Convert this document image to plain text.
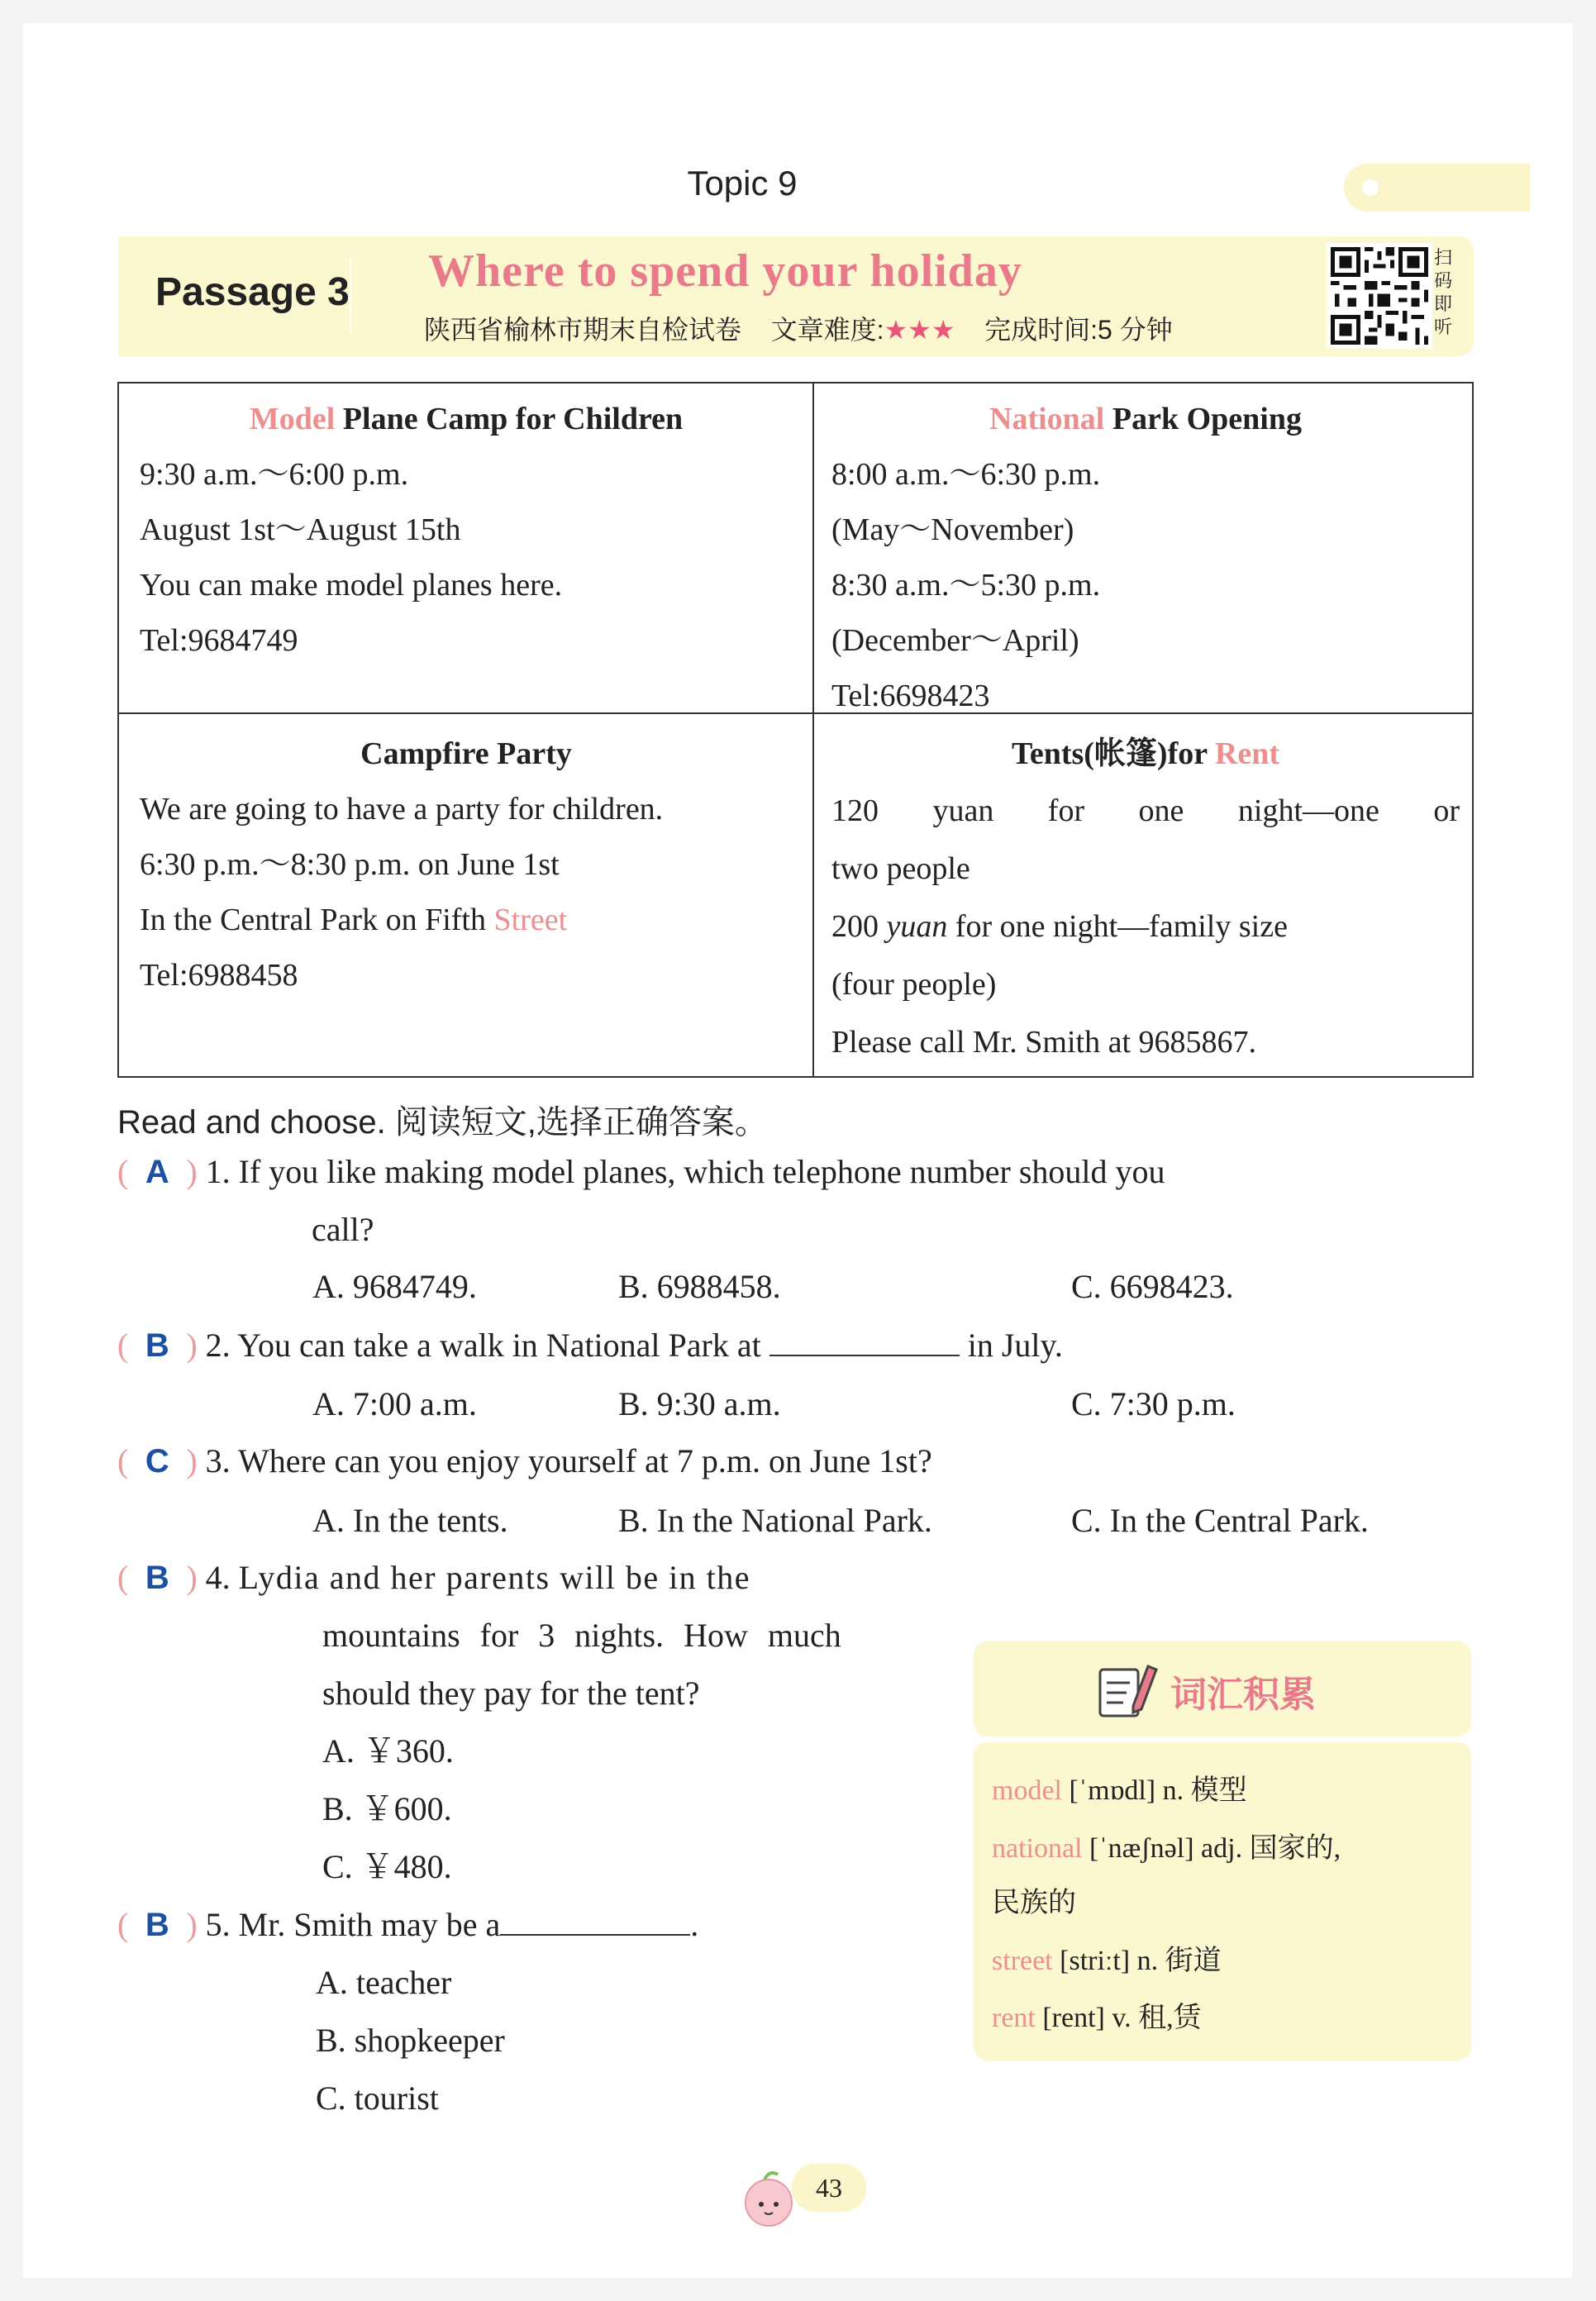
Topic 9
Passage 3 Where to spend your holiday
陕西省榆林市期末自检试卷 文章难度:★★★ 完成时间:5 分钟
扫
码
即
听
Model Plane Camp for Children
9:30 a.m.～6:00 p.m.
August 1st～August 15th
You can make model planes here.
Tel:9684749
National Park Opening
8:00 a.m.～6:30 p.m.
(May～November)
8:30 a.m.～5:30 p.m.
(December～April)
Tel:6698423
Campfire Party
We are going to have a party for children.
6:30 p.m.～8:30 p.m. on June 1st
In the Central Park on Fifth Street
Tel:6988458
Tents(帐篷)for Rent
120 yuan for one night—one or
two people
200 yuan for one night—family size
(four people)
Please call Mr. Smith at 9685867.
Read and choose. 阅读短文,选择正确答案。
( A ) 1. If you like making model planes, which telephone number should you
call?
A. 9684749.	B. 6988458.	C. 6698423.
( B ) 2. You can take a walk in National Park at	in July.
A. 7:00 a.m.	B. 9:30 a.m.	C. 7:30 p.m.
( C ) 3. Where can you enjoy yourself at 7 p.m. on June 1st?
A. In the tents.	B. In the National Park.	C. In the Central Park.
( B ) 4. Lydia and her parents will be in the
mountains for 3 nights. How much
should they pay for the tent?
A. ￥360.
B. ￥600.
C. ￥480.
( B ) 5. Mr. Smith may be a	.
A. teacher
B. shopkeeper
C. tourist
词汇积累
model [ˈmɒdl] n. 模型
national [ˈnæʃnəl] adj. 国家的,
民族的
street [striːt] n. 街道
rent [rent] v. 租,赁
43
